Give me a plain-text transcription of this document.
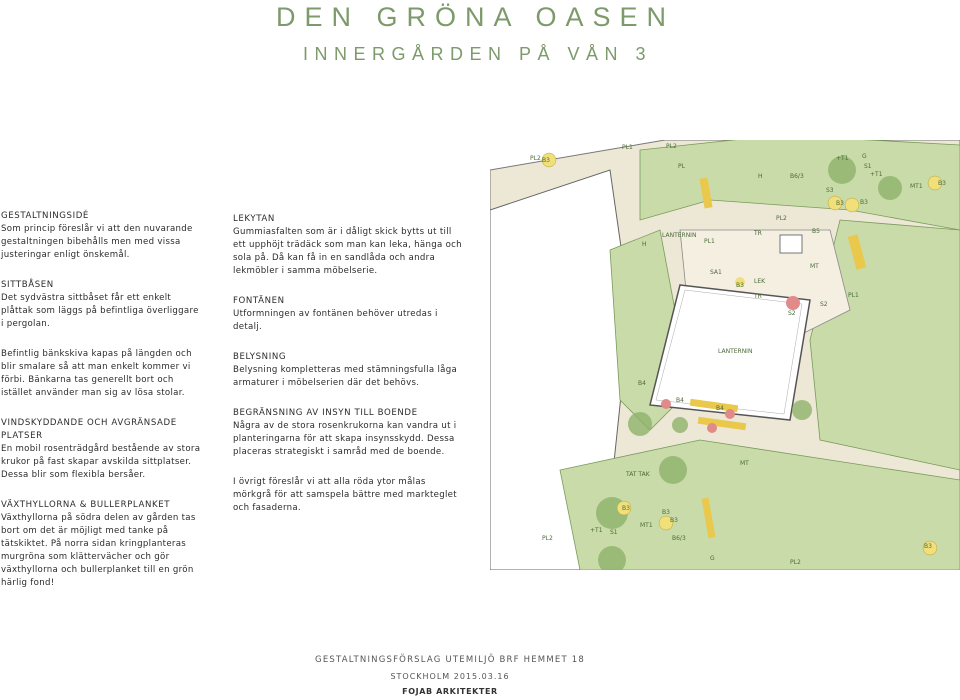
DEN GRÖNA OASEN
INNERGÅRDEN PÅ VÅN 3
GESTALTNINGSIDÉ

Som princip föreslår vi att den nuvarande gestaltningen bibehålls men med vissa justeringar enligt önskemål.

SITTBÅSEN

Det sydvästra sittbåset får ett enkelt plåttak som läggs på befintliga överliggare i pergolan.

Befintlig bänkskiva kapas på längden och blir smalare så att man enkelt kommer vi förbi. Bänkarna tas generellt bort och istället använder man sig av lösa stolar.

VINDSKYDDANDE OCH AVGRÄNSADE PLATSER

En mobil rosenträdgård bestående av stora krukor på fast skapar avskilda sittplatser. Dessa blir som flexibla bersåer.

VÄXTHYLLORNA & BULLERPLANKET

Växthyllorna på södra delen av gården tas bort om det är möjligt med tanke på tätskiktet. På norra sidan kringplanteras murgröna som klättervächer och gör växthyllorna och bullerplanket till en grön härlig fond!

LEKYTAN

Gummiasfalten som är i dåligt skick bytts ut till ett upphöjt trädäck som man kan leka, hänga och sola på. Då kan få in en sandlåda och andra lekmöbler i samma möbelserie.

FONTÄNEN

Utformningen av fontänen behöver utredas i detalj.

BELYSNING

Belysning kompletteras med stämningsfulla låga armaturer i möbelserien där det behövs.

BEGRÄNSNING AV INSYN TILL BOENDE

Några av de stora rosenkrukorna kan vandra ut i planteringarna för att skapa insynsskydd. Dessa placeras strategiskt i samråd med de boende.

I övrigt föreslår vi att alla röda ytor målas mörkgrå för att samspela bättre med marktеglet och fasaderna.

PL2 B3
PL1	PL2
+T1 G
S1
+T1
B3
B6/3
S3
B3	B3
MT1
PL
H
LANTERNIN	TR
PL2
B5
PL1
SA1
B3
LEK
TR
S2
S2
PL1
MT
LANTERNIN
B4
B4
B4
MT
TAT TAK
B3
B3
MT1
B3
PL2
+T1 S1
B6/3
PL2
G
B3
H
GESTALTNINGSFÖRSLAG UTEMILJÖ BRF HEMMET 18
STOCKHOLM 2015.03.16
FOJAB ARKITEKTER
